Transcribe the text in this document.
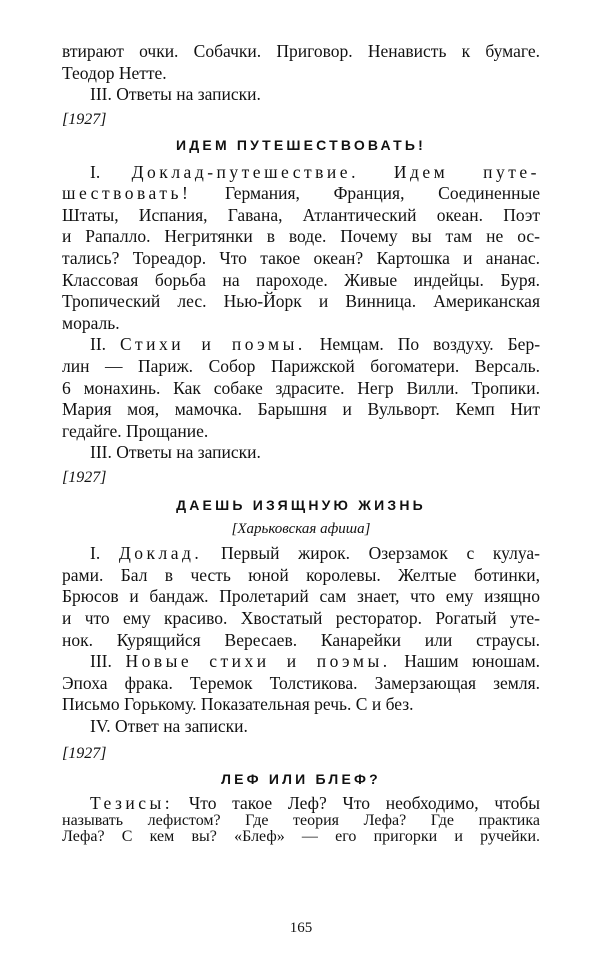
втирают очки. Собачки. Приговор. Ненависть к бумаге.
Теодор Нетте.
III. Ответы на записки.
[1927]
ИДЕМ ПУТЕШЕСТВОВАТЬ!
I. Доклад-путешествие. Идем путе-
шествовать! Германия, Франция, Соединенные
Штаты, Испания, Гавана, Атлантический океан. Поэт
и Рапалло. Негритянки в воде. Почему вы там не ос-
тались? Тореадор. Что такое океан? Картошка и ананас.
Классовая борьба на пароходе. Живые индейцы. Буря.
Тропический лес. Нью-Йорк и Винница. Американская
мораль.
II. Стихи и поэмы. Немцам. По воздуху. Бер-
лин — Париж. Собор Парижской богоматери. Версаль.
6 монахинь. Как собаке здрасите. Негр Вилли. Тропики.
Мария моя, мамочка. Барышня и Вульворт. Кемп Нит
гедайге. Прощание.
III. Ответы на записки.
[1927]
ДАЕШЬ ИЗЯЩНУЮ ЖИЗНЬ
[Харьковская афиша]
I. Доклад. Первый жирок. Озерзамок с кулуа-
рами. Бал в честь юной королевы. Желтые ботинки,
Брюсов и бандаж. Пролетарий сам знает, что ему изящно
и что ему красиво. Хвостатый ресторатор. Рогатый уте-
нок. Курящийся Вересаев. Канарейки или страусы.
III. Новые стихи и поэмы. Нашим юношам.
Эпоха фрака. Теремок Толстикова. Замерзающая земля.
Письмо Горькому. Показательная речь. С и без.
IV. Ответ на записки.
[1927]
ЛЕФ ИЛИ БЛЕФ?
Тезисы: Что такое Леф? Что необходимо, чтобы
называть лефистом? Где теория Лефа? Где практика
Лефа? С кем вы? «Блеф» — его пригорки и ручейки.
165
